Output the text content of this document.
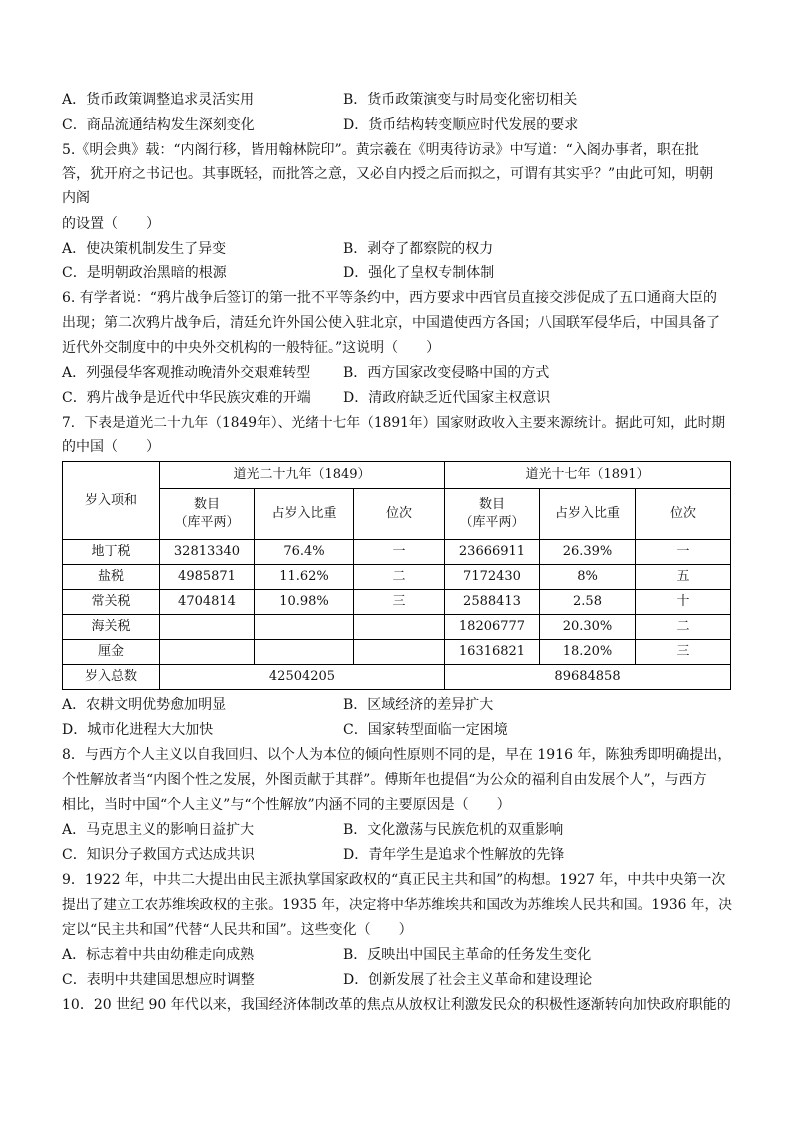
A．货币政策调整追求灵活实用	B．货币政策演变与时局变化密切相关
C．商品流通结构发生深刻变化	D．货币结构转变顺应时代发展的要求
5.《明会典》载：“内阁行移，皆用翰林院印”。黄宗羲在《明夷待访录》中写道：“入阁办事者，职在批
答，犹开府之书记也。其事既轻，而批答之意，又必自内授之后而拟之，可谓有其实乎？”由此可知，明朝
内阁
的设置（　　）
A．使决策机制发生了异变	B．剥夺了都察院的权力
C．是明朝政治黑暗的根源	D．强化了皇权专制体制
6. 有学者说：“鸦片战争后签订的第一批不平等条约中，西方要求中西官员直接交涉促成了五口通商大臣的
出现；第二次鸦片战争后，清廷允许外国公使入驻北京，中国遣使西方各国；八国联军侵华后，中国具备了
近代外交制度中的中央外交机构的一般特征。”这说明（　　）
A．列强侵华客观推动晚清外交艰难转型 B．西方国家改变侵略中国的方式
C．鸦片战争是近代中华民族灾难的开端 D．清政府缺乏近代国家主权意识
7．下表是道光二十九年（1849年）、光绪十七年（1891年）国家财政收入主要来源统计。据此可知，此时期
的中国（　　）
岁入项和	道光二十九年（1849）			道光十七年（1891）		
	数目
（库平两）	占岁入比重	位次	数目
（库平两）	占岁入比重	位次
地丁税	32813340	76.4%	一	23666911	26.39%	一
盐税	4985871	11.62%	二	7172430	8%	五
常关税	4704814	10.98%	三	2588413	2.58	十
海关税				18206777	20.30%	二
厘金				16316821	18.20%	三
岁入总数	42504205			89684858		
A．农耕文明优势愈加明显	B．区域经济的差异扩大
D．城市化进程大大加快	C．国家转型面临一定困境
8．与西方个人主义以自我回归、以个人为本位的倾向性原则不同的是，早在 1916 年，陈独秀即明确提出，
个性解放者当“内图个性之发展，外图贡献于其群”。傅斯年也提倡“为公众的福利自由发展个人”，与西方
相比，当时中国“个人主义”与“个性解放”内涵不同的主要原因是（　　）
A．马克思主义的影响日益扩大	B．文化激荡与民族危机的双重影响
C．知识分子救国方式达成共识	D．青年学生是追求个性解放的先锋
9．1922 年，中共二大提出由民主派执掌国家政权的“真正民主共和国”的构想。1927 年，中共中央第一次
提出了建立工农苏维埃政权的主张。1935 年，决定将中华苏维埃共和国改为苏维埃人民共和国。1936 年，决
定以“民主共和国”代替“人民共和国”。这些变化（　　）
A．标志着中共由幼稚走向成熟	B．反映出中国民主革命的任务发生变化
C．表明中共建国思想应时调整	D．创新发展了社会主义革命和建设理论
10．20 世纪 90 年代以来，我国经济体制改革的焦点从放权让利激发民众的积极性逐渐转向加快政府职能的
